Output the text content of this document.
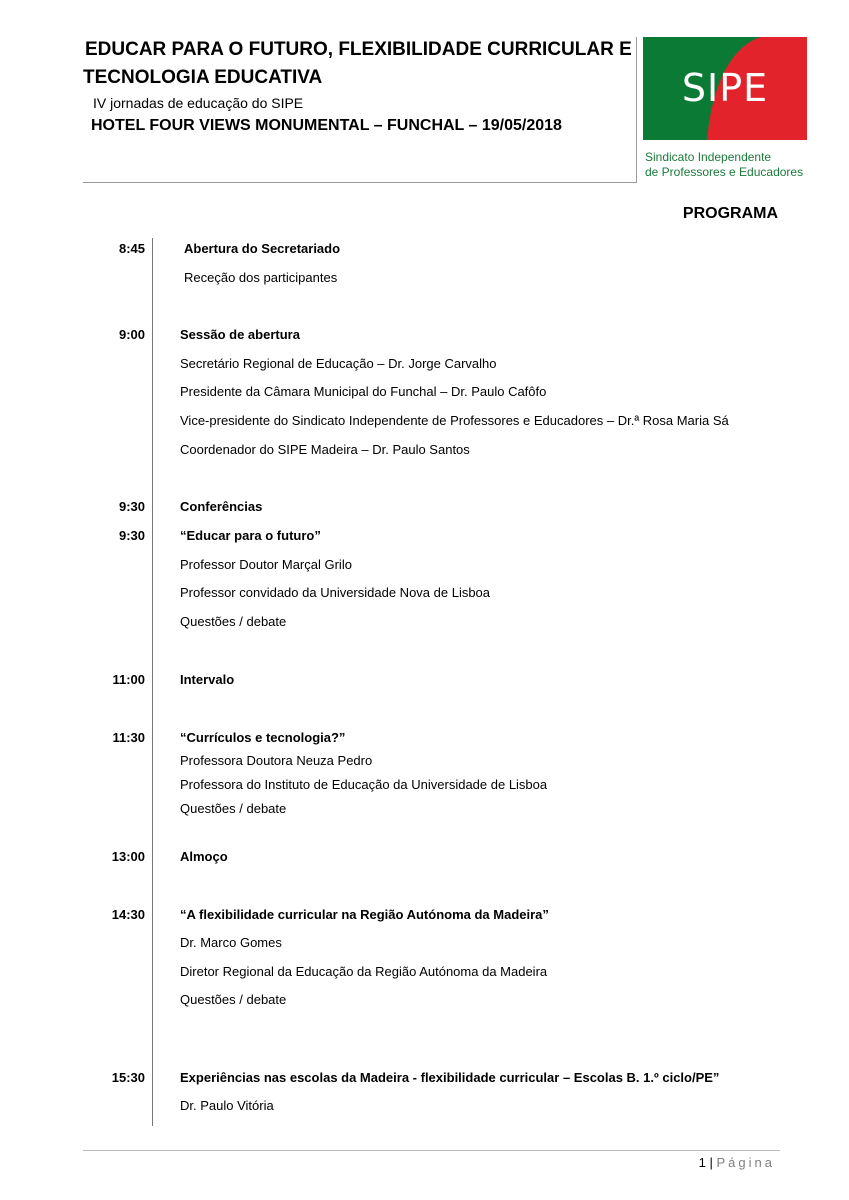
EDUCAR PARA O FUTURO, FLEXIBILIDADE CURRICULAR E
TECNOLOGIA EDUCATIVA
IV jornadas de educação do SIPE
HOTEL FOUR VIEWS MONUMENTAL – FUNCHAL – 19/05/2018
SIPE
Sindicato Independente
de Professores e Educadores
PROGRAMA
8:45
9:00
9:30
9:30
11:00
11:30
13:00
14:30
15:30
Abertura do Secretariado
Receção dos participantes
Sessão de abertura
Secretário Regional de Educação – Dr. Jorge Carvalho
Presidente da Câmara Municipal do Funchal – Dr. Paulo Cafôfo
Vice-presidente do Sindicato Independente de Professores e Educadores – Dr.ª Rosa Maria Sá
Coordenador do SIPE Madeira – Dr. Paulo Santos
Conferências
“Educar para o futuro”
Professor Doutor Marçal Grilo
Professor convidado da Universidade Nova de Lisboa
Questões / debate
Intervalo
“Currículos e tecnologia?”
Professora Doutora Neuza Pedro
Professora do Instituto de Educação da Universidade de Lisboa
Questões / debate
Almoço
“A flexibilidade curricular na Região Autónoma da Madeira”
Dr. Marco Gomes
Diretor Regional da Educação da Região Autónoma da Madeira
Questões / debate
Experiências nas escolas da Madeira - flexibilidade curricular – Escolas B. 1.º ciclo/PE”
Dr. Paulo Vitória
1 | Página
